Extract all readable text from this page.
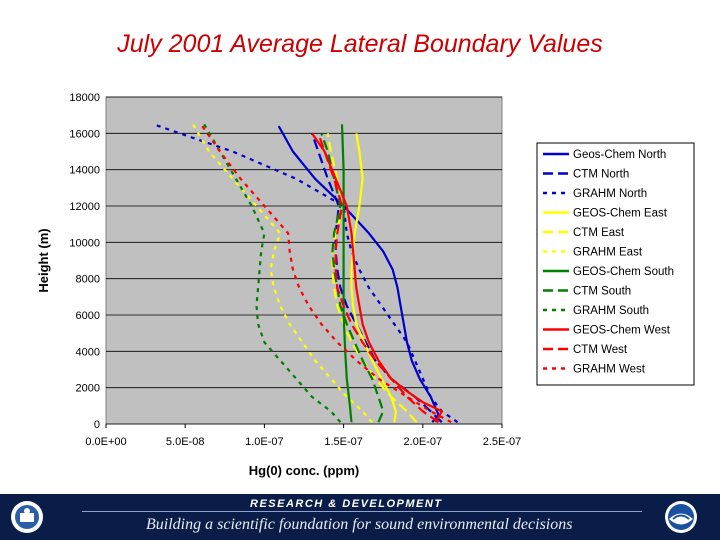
July 2001 Average Lateral Boundary Values
0
2000
4000
6000
8000
10000
12000
14000
16000
18000
0.0E+00	5.0E-08	1.0E-07	1.5E-07	2.0E-07	2.5E-07
Hg(0) conc. (ppm)
Height (m)
Geos-Chem North
CTM North
GRAHM North
GEOS-Chem East
CTM East
GRAHM East
GEOS-Chem South
CTM South
GRAHM South
GEOS-Chem West
CTM West
GRAHM West
RESEARCH & DEVELOPMENT
Building a scientific foundation for sound environmental decisions
